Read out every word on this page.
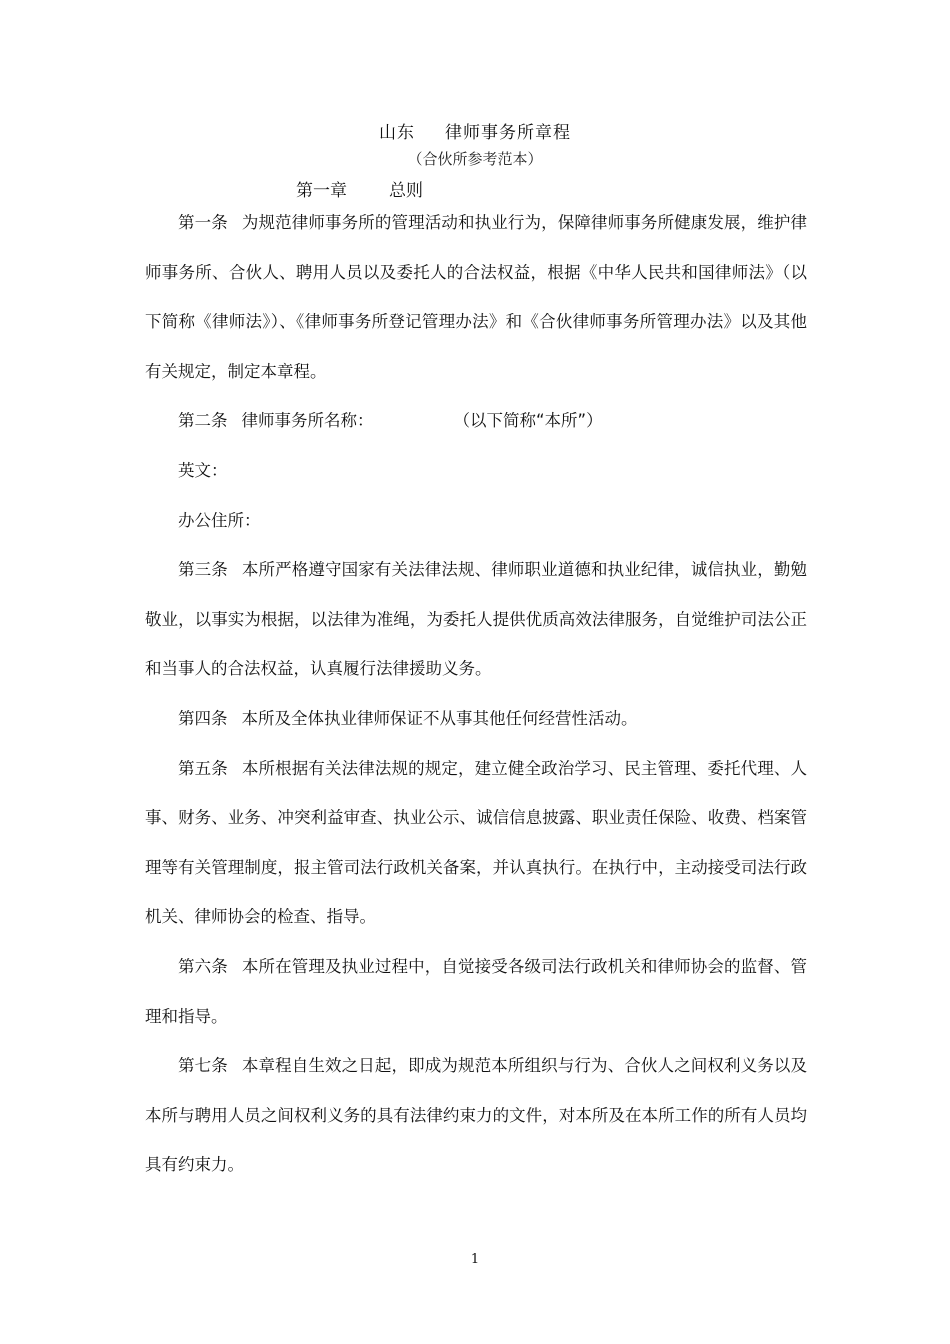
山东 律师事务所章程
（合伙所参考范本）
第一章 总则

第一条 为规范律师事务所的管理活动和执业行为，保障律师事务所健康发展，维护律师事务所、合伙人、聘用人员以及委托人的合法权益，根据《中华人民共和国律师法》（以下简称《律师法》）、《律师事务所登记管理办法》和《合伙律师事务所管理办法》以及其他有关规定，制定本章程。

第二条 律师事务所名称：	（以下简称“本所”）

英文：

办公住所：

第三条 本所严格遵守国家有关法律法规、律师职业道德和执业纪律，诚信执业，勤勉敬业，以事实为根据，以法律为准绳，为委托人提供优质高效法律服务，自觉维护司法公正和当事人的合法权益，认真履行法律援助义务。

第四条 本所及全体执业律师保证不从事其他任何经营性活动。

第五条 本所根据有关法律法规的规定，建立健全政治学习、民主管理、委托代理、人事、财务、业务、冲突利益审查、执业公示、诚信信息披露、职业责任保险、收费、档案管理等有关管理制度，报主管司法行政机关备案，并认真执行。在执行中，主动接受司法行政机关、律师协会的检查、指导。

第六条 本所在管理及执业过程中，自觉接受各级司法行政机关和律师协会的监督、管理和指导。

第七条 本章程自生效之日起，即成为规范本所组织与行为、合伙人之间权利义务以及本所与聘用人员之间权利义务的具有法律约束力的文件，对本所及在本所工作的所有人员均具有约束力。

1
